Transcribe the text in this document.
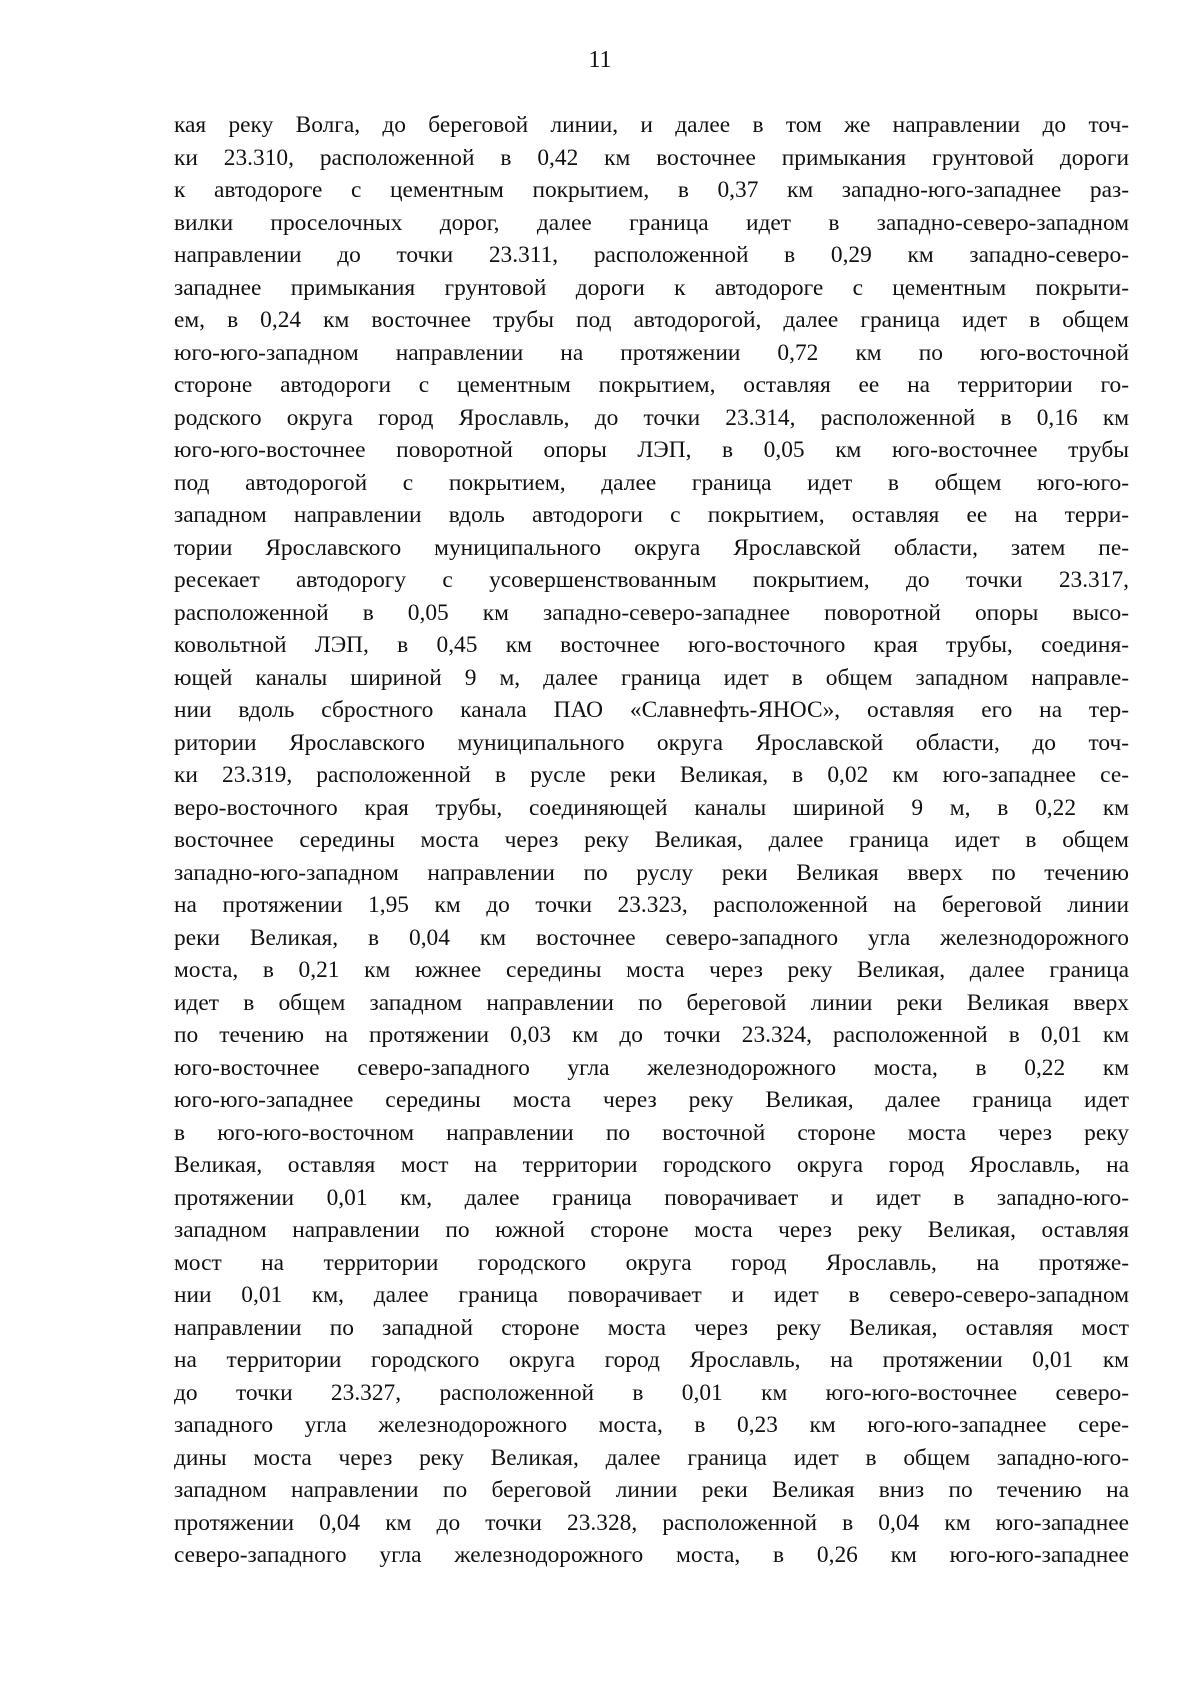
11
кая реку Волга, до береговой линии, и далее в том же направлении до точ-
ки 23.310, расположенной в 0,42 км восточнее примыкания грунтовой дороги
к автодороге с цементным покрытием, в 0,37 км западно-юго-западнее раз-
вилки проселочных дорог, далее граница идет в западно-северо-западном
направлении до точки 23.311, расположенной в 0,29 км западно-северо-
западнее примыкания грунтовой дороги к автодороге с цементным покрыти-
ем, в 0,24 км восточнее трубы под автодорогой, далее граница идет в общем
юго-юго-западном направлении на протяжении 0,72 км по юго-восточной
стороне автодороги с цементным покрытием, оставляя ее на территории го-
родского округа город Ярославль, до точки 23.314, расположенной в 0,16 км
юго-юго-восточнее поворотной опоры ЛЭП, в 0,05 км юго-восточнее трубы
под автодорогой с покрытием, далее граница идет в общем юго-юго-
западном направлении вдоль автодороги с покрытием, оставляя ее на терри-
тории Ярославского муниципального округа Ярославской области, затем пе-
ресекает автодорогу с усовершенствованным покрытием, до точки 23.317,
расположенной в 0,05 км западно-северо-западнее поворотной опоры высо-
ковольтной ЛЭП, в 0,45 км восточнее юго-восточного края трубы, соединя-
ющей каналы шириной 9 м, далее граница идет в общем западном направле-
нии вдоль сбростного канала ПАО «Славнефть-ЯНОС», оставляя его на тер-
ритории Ярославского муниципального округа Ярославской области, до точ-
ки 23.319, расположенной в русле реки Великая, в 0,02 км юго-западнее се-
веро-восточного края трубы, соединяющей каналы шириной 9 м, в 0,22 км
восточнее середины моста через реку Великая, далее граница идет в общем
западно-юго-западном направлении по руслу реки Великая вверх по течению
на протяжении 1,95 км до точки 23.323, расположенной на береговой линии
реки Великая, в 0,04 км восточнее северо-западного угла железнодорожного
моста, в 0,21 км южнее середины моста через реку Великая, далее граница
идет в общем западном направлении по береговой линии реки Великая вверх
по течению на протяжении 0,03 км до точки 23.324, расположенной в 0,01 км
юго-восточнее северо-западного угла железнодорожного моста, в 0,22 км
юго-юго-западнее середины моста через реку Великая, далее граница идет
в юго-юго-восточном направлении по восточной стороне моста через реку
Великая, оставляя мост на территории городского округа город Ярославль, на
протяжении 0,01 км, далее граница поворачивает и идет в западно-юго-
западном направлении по южной стороне моста через реку Великая, оставляя
мост на территории городского округа город Ярославль, на протяже-
нии 0,01 км, далее граница поворачивает и идет в северо-северо-западном
направлении по западной стороне моста через реку Великая, оставляя мост
на территории городского округа город Ярославль, на протяжении 0,01 км
до точки 23.327, расположенной в 0,01 км юго-юго-восточнее северо-
западного угла железнодорожного моста, в 0,23 км юго-юго-западнее сере-
дины моста через реку Великая, далее граница идет в общем западно-юго-
западном направлении по береговой линии реки Великая вниз по течению на
протяжении 0,04 км до точки 23.328, расположенной в 0,04 км юго-западнее
северо-западного угла железнодорожного моста, в 0,26 км юго-юго-западнее
